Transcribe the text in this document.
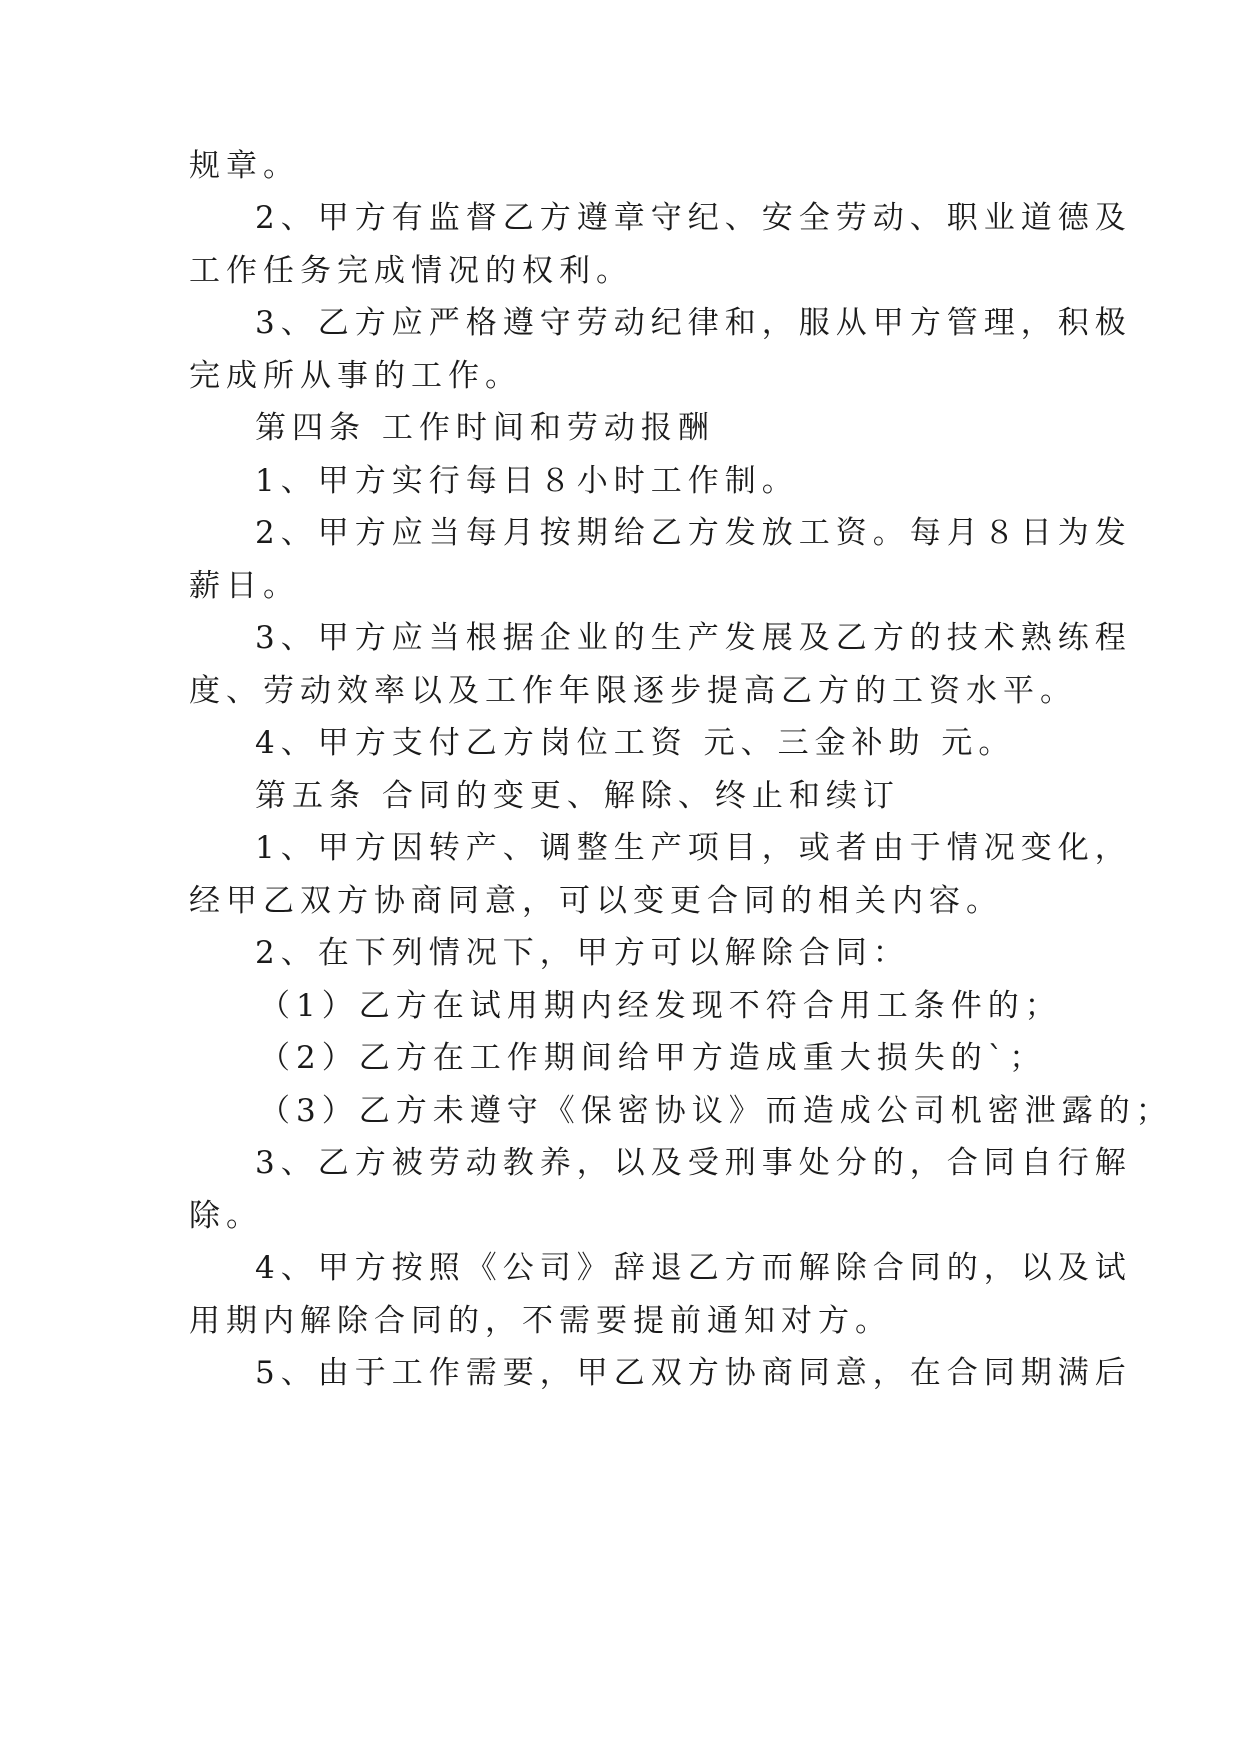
规章。
2、甲方有监督乙方遵章守纪、安全劳动、职业道德及
工作任务完成情况的权利。
3、乙方应严格遵守劳动纪律和，服从甲方管理，积极
完成所从事的工作。
第四条 工作时间和劳动报酬
1、甲方实行每日８小时工作制。
2、甲方应当每月按期给乙方发放工资。每月８日为发
薪日。
3、甲方应当根据企业的生产发展及乙方的技术熟练程
度、劳动效率以及工作年限逐步提高乙方的工资水平。
4、甲方支付乙方岗位工资 元、三金补助 元。
第五条 合同的变更、解除、终止和续订
1、甲方因转产、调整生产项目，或者由于情况变化，
经甲乙双方协商同意，可以变更合同的相关内容。
2、在下列情况下，甲方可以解除合同：
（1）乙方在试用期内经发现不符合用工条件的；
（2）乙方在工作期间给甲方造成重大损失的`；
（3）乙方未遵守《保密协议》而造成公司机密泄露的；
3、乙方被劳动教养，以及受刑事处分的，合同自行解
除。
4、甲方按照《公司》辞退乙方而解除合同的，以及试
用期内解除合同的，不需要提前通知对方。
5、由于工作需要，甲乙双方协商同意，在合同期满后
